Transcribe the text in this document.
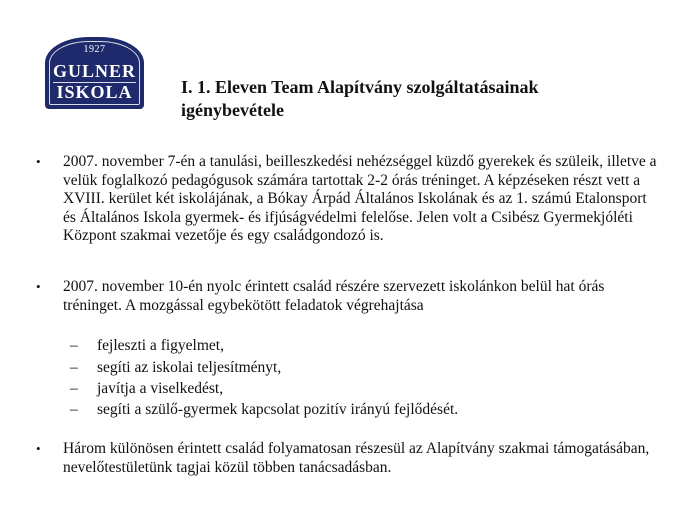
1927
GULNER
ISKOLA	I. 1. Eleven Team Alapítvány szolgáltatásainak igénybevétele
• 2007. november 7-én a tanulási, beilleszkedési nehézséggel küzdő gyerekek és szüleik, illetve a velük foglalkozó pedagógusok számára tartottak 2-2 órás tréninget. A képzéseken részt vett a XVIII. kerület két iskolájának, a Bókay Árpád Általános Iskolának és az 1. számú Etalonsport és Általános Iskola gyermek- és ifjúságvédelmi felelőse. Jelen volt a Csibész Gyermekjóléti Központ szakmai vezetője és egy családgondozó is.
• 2007. november 10-én nyolc érintett család részére szervezett iskolánkon belül hat órás tréninget. A mozgással egybekötött feladatok végrehajtása
– fejleszti a figyelmet,
– segíti az iskolai teljesítményt,
– javítja a viselkedést,
– segíti a szülő-gyermek kapcsolat pozitív irányú fejlődését.
• Három különösen érintett család folyamatosan részesül az Alapítvány szakmai támogatásában, nevelőtestületünk tagjai közül többen tanácsadásban.
